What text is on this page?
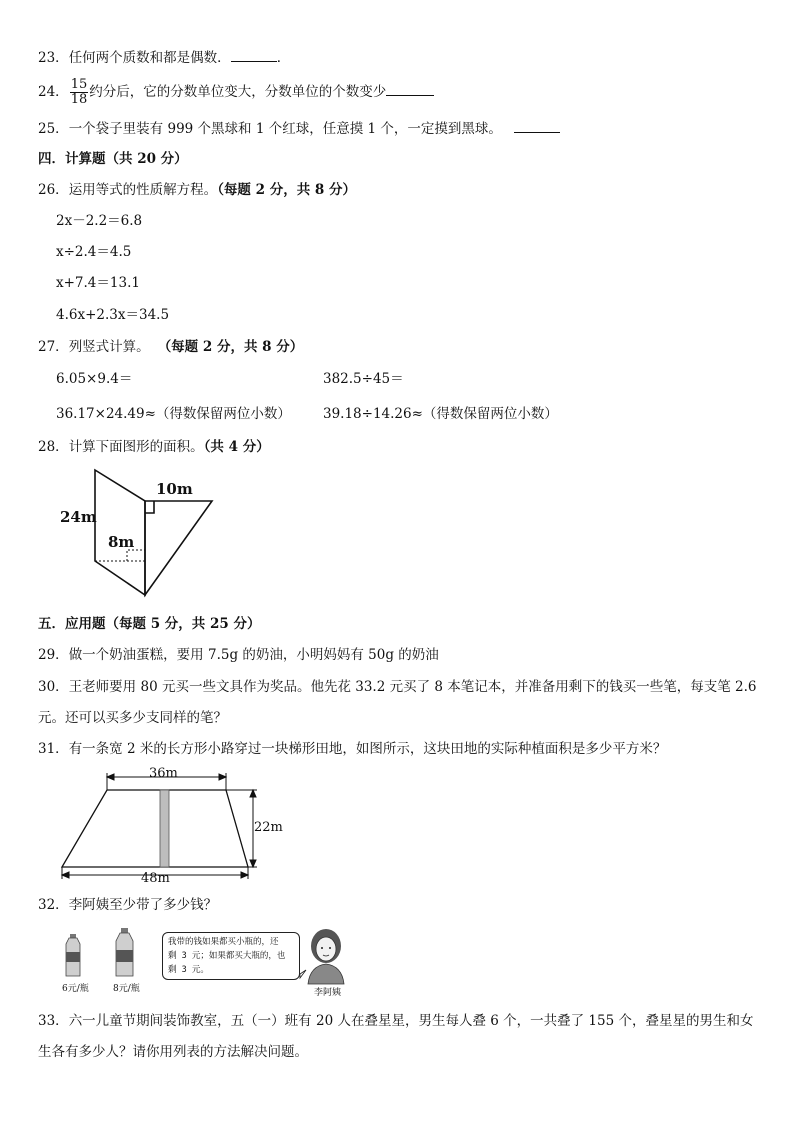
23．任何两个质数和都是偶数．	．
24． $\frac{15}{18}$ 约分后，它的分数单位变大，分数单位的个数变少
25．一个袋子里装有 999 个黑球和 1 个红球，任意摸 1 个，一定摸到黑球。
四．计算题（共 20 分）
26．运用等式的性质解方程。（每题 2 分，共 8 分）
2x－2.2＝6.8
x÷2.4＝4.5
x+7.4＝13.1
4.6x+2.3x＝34.5
27．列竖式计算。 （每题 2 分，共 8 分）
6.05×9.4＝	382.5÷45＝
36.17×24.49≈（得数保留两位小数） 39.18÷14.26≈（得数保留两位小数）
28．计算下面图形的面积。（共 4 分）
24m
10m
8m
五．应用题（每题 5 分，共 25 分）
29．做一个奶油蛋糕，要用 7.5g 的奶油，小明妈妈有 50g 的奶油
30．王老师要用 80 元买一些文具作为奖品。他先花 33.2 元买了 8 本笔记本，并准备用剩下的钱买一些笔，每支笔 2.6
元。还可以买多少支同样的笔？
31．有一条宽 2 米的长方形小路穿过一块梯形田地，如图所示，这块田地的实际种植面积是多少平方米？
36m
22m
48m
32．李阿姨至少带了多少钱？
6元/瓶	8元/瓶
我带的钱如果都买小瓶的，还
剩 3 元；如果都买大瓶的，也
剩 3 元。
李阿姨
33．六一儿童节期间装饰教室，五（一）班有 20 人在叠星星，男生每人叠 6 个，一共叠了 155 个，叠星星的男生和女
生各有多少人？请你用列表的方法解决问题。
